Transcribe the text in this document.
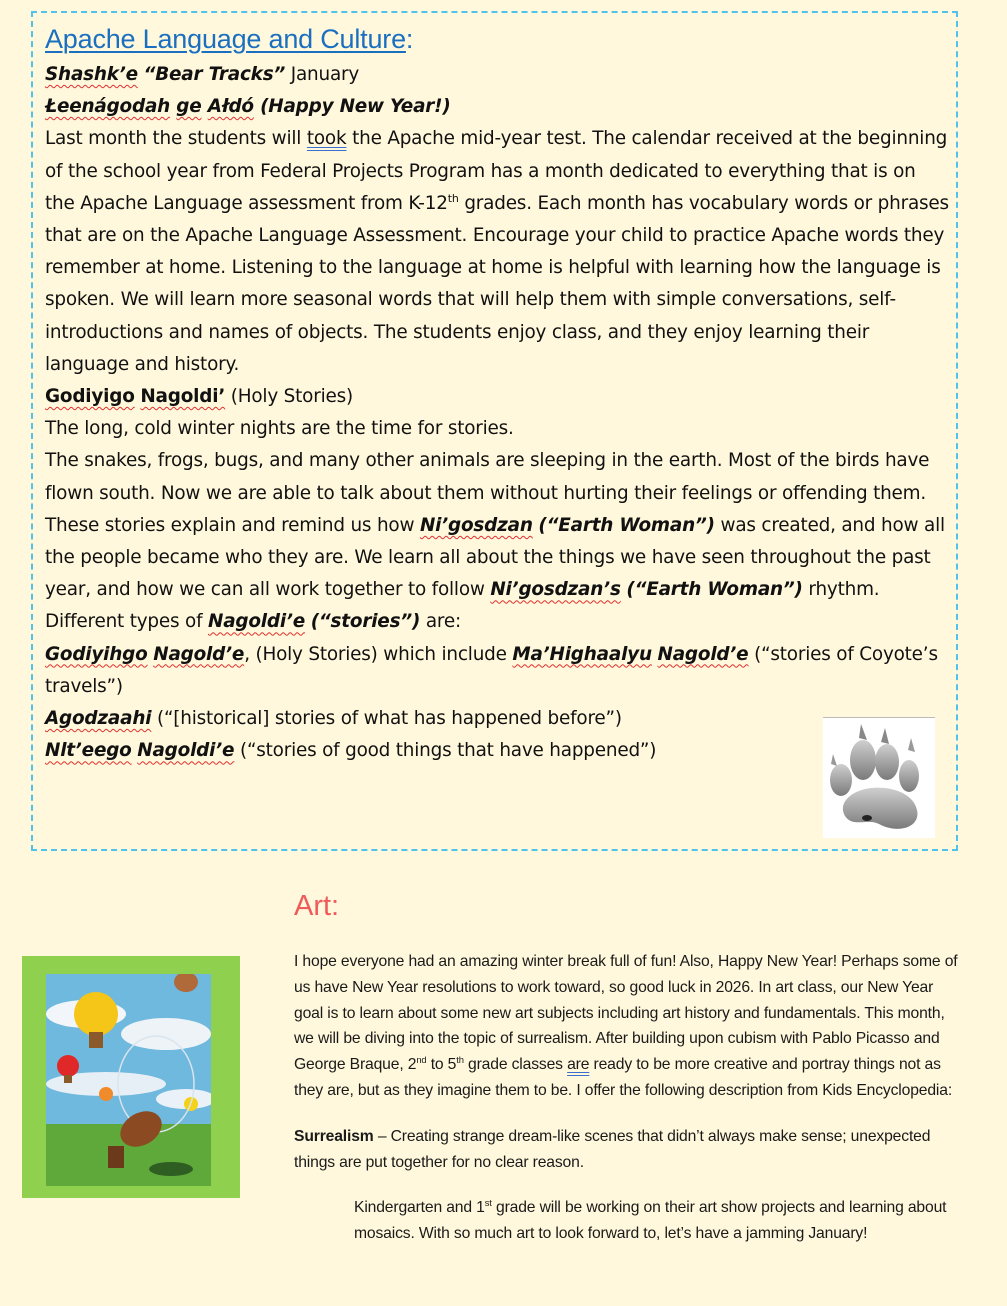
Apache Language and Culture:

Shashk’e “Bear Tracks” January

Łeenágodah ge Ałdó (Happy New Year!)

Last month the students will took the Apache mid-year test. The calendar received at the beginning of the school year from Federal Projects Program has a month dedicated to everything that is on the Apache Language assessment from K-12th grades. Each month has vocabulary words or phrases that are on the Apache Language Assessment. Encourage your child to practice Apache words they remember at home. Listening to the language at home is helpful with learning how the language is spoken. We will learn more seasonal words that will help them with simple conversations, self-introductions and names of objects. The students enjoy class, and they enjoy learning their language and history.

Godiyigo Nagoldi’ (Holy Stories)

The long, cold winter nights are the time for stories.

The snakes, frogs, bugs, and many other animals are sleeping in the earth. Most of the birds have flown south. Now we are able to talk about them without hurting their feelings or offending them.

These stories explain and remind us how Ni’gosdzan (“Earth Woman”) was created, and how all the people became who they are. We learn all about the things we have seen throughout the past year, and how we can all work together to follow Ni’gosdzan’s (“Earth Woman”) rhythm.

Different types of Nagoldi’e (“stories”) are:

Godiyihgo Nagold’e, (Holy Stories) which include Ma’Highaalyu Nagold’e (“stories of Coyote’s travels”)

Agodzaahi (“[historical] stories of what has happened before”)

Nlt’eego Nagoldi’e (“stories of good things that have happened”)

Art:

I hope everyone had an amazing winter break full of fun! Also, Happy New Year! Perhaps some of us have New Year resolutions to work toward, so good luck in 2026. In art class, our New Year goal is to learn about some new art subjects including art history and fundamentals. This month, we will be diving into the topic of surrealism. After building upon cubism with Pablo Picasso and George Braque, 2nd to 5th grade classes are ready to be more creative and portray things not as they are, but as they imagine them to be. I offer the following description from Kids Encyclopedia:

Surrealism – Creating strange dream-like scenes that didn’t always make sense; unexpected things are put together for no clear reason.

Kindergarten and 1st grade will be working on their art show projects and learning about mosaics. With so much art to look forward to, let’s have a jamming January!
